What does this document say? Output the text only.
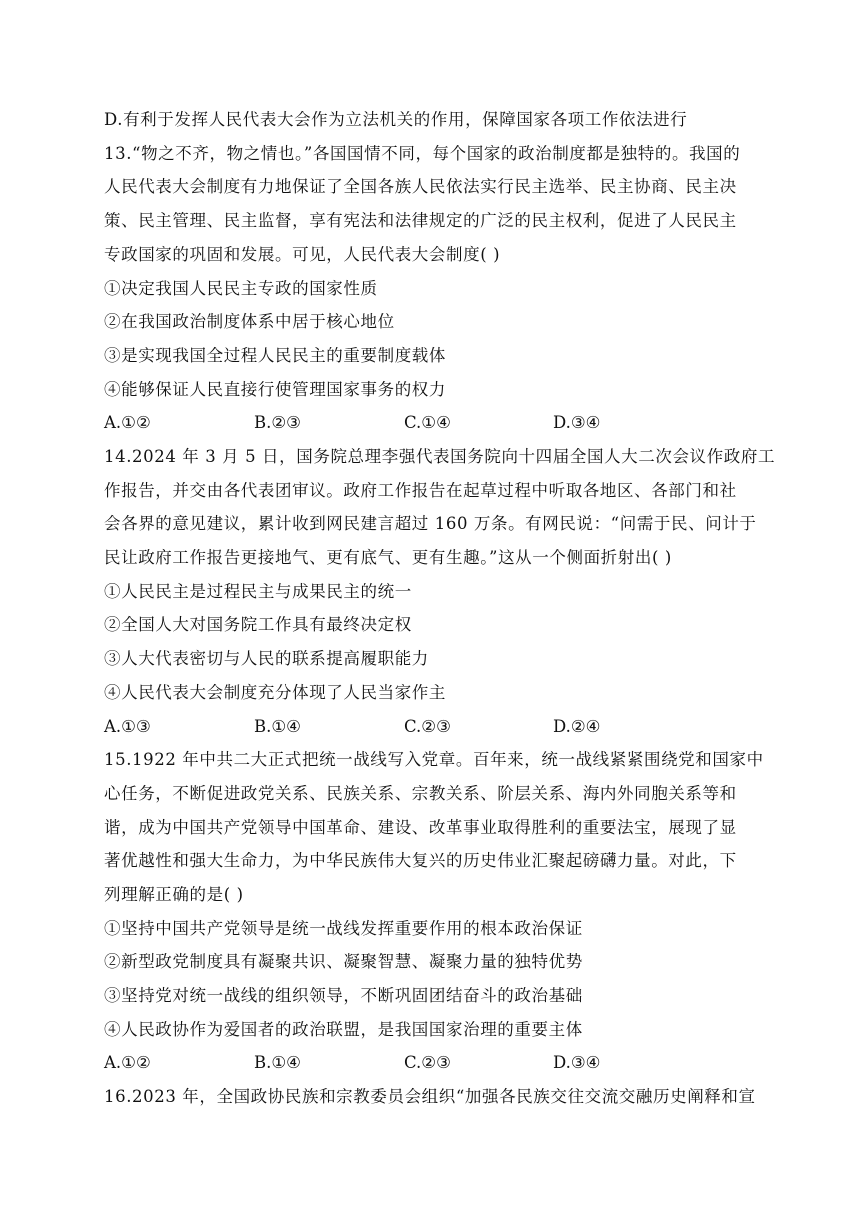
D.有利于发挥人民代表大会作为立法机关的作用，保障国家各项工作依法进行
13.“物之不齐，物之情也。”各国国情不同，每个国家的政治制度都是独特的。我国的
人民代表大会制度有力地保证了全国各族人民依法实行民主选举、民主协商、民主决
策、民主管理、民主监督，享有宪法和法律规定的广泛的民主权利，促进了人民民主
专政国家的巩固和发展。可见，人民代表大会制度( )
①决定我国人民民主专政的国家性质
②在我国政治制度体系中居于核心地位
③是实现我国全过程人民民主的重要制度载体
④能够保证人民直接行使管理国家事务的权力
A.①②	B.②③	C.①④	D.③④
14.2024 年 3 月 5 日，国务院总理李强代表国务院向十四届全国人大二次会议作政府工
作报告，并交由各代表团审议。政府工作报告在起草过程中听取各地区、各部门和社
会各界的意见建议，累计收到网民建言超过 160 万条。有网民说：“问需于民、问计于
民让政府工作报告更接地气、更有底气、更有生趣。”这从一个侧面折射出( )
①人民民主是过程民主与成果民主的统一
②全国人大对国务院工作具有最终决定权
③人大代表密切与人民的联系提高履职能力
④人民代表大会制度充分体现了人民当家作主
A.①③	B.①④	C.②③	D.②④
15.1922 年中共二大正式把统一战线写入党章。百年来，统一战线紧紧围绕党和国家中
心任务，不断促进政党关系、民族关系、宗教关系、阶层关系、海内外同胞关系等和
谐，成为中国共产党领导中国革命、建设、改革事业取得胜利的重要法宝，展现了显
著优越性和强大生命力，为中华民族伟大复兴的历史伟业汇聚起磅礴力量。对此，下
列理解正确的是( )
①坚持中国共产党领导是统一战线发挥重要作用的根本政治保证
②新型政党制度具有凝聚共识、凝聚智慧、凝聚力量的独特优势
③坚持党对统一战线的组织领导，不断巩固团结奋斗的政治基础
④人民政协作为爱国者的政治联盟，是我国国家治理的重要主体
A.①②	B.①④	C.②③	D.③④
16.2023 年，全国政协民族和宗教委员会组织“加强各民族交往交流交融历史阐释和宣
